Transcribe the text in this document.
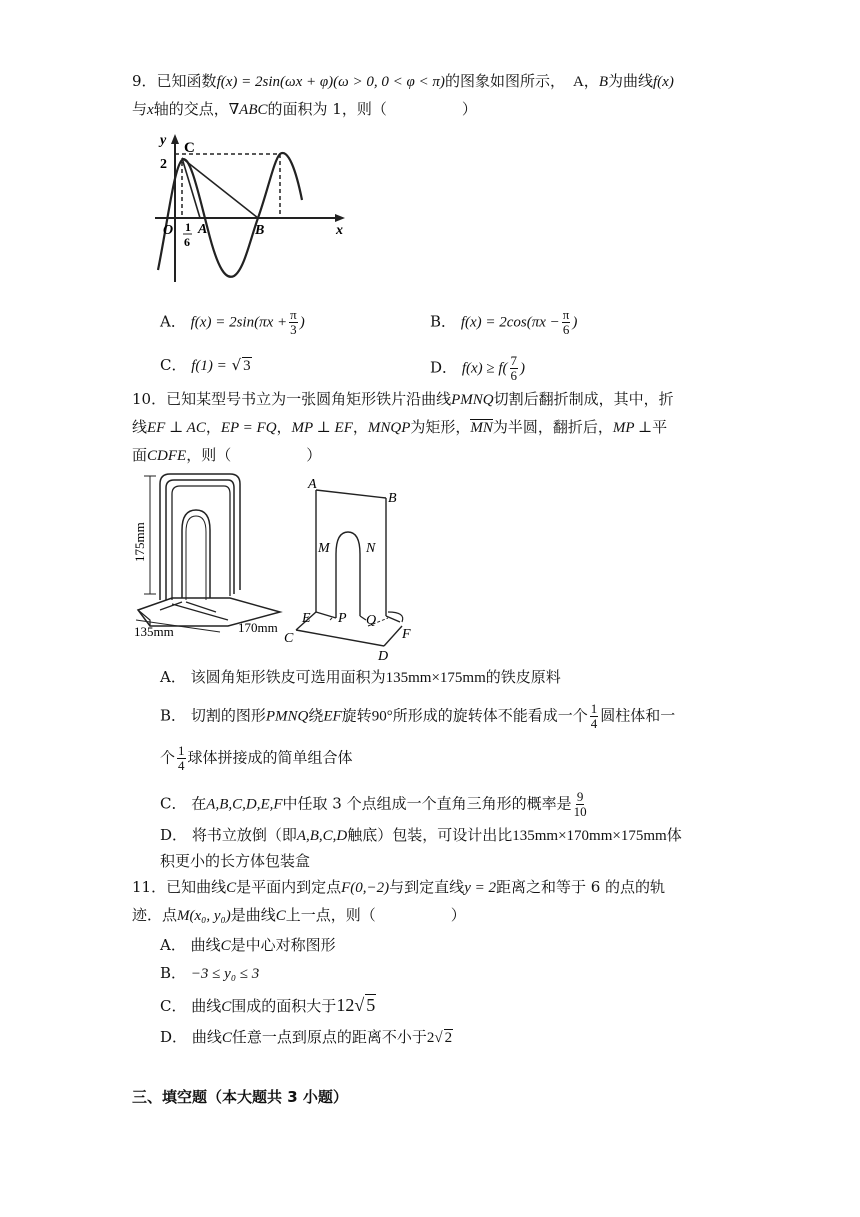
9．已知函数f(x) = 2sin(ωx + φ)(ω > 0, 0 < φ < π)的图象如图所示， A，B为曲线f(x)
与x轴的交点，∇ABC的面积为 1，则（　　　　　）
y
2
C
O 1
6
A	B	x
A． $f(x) = 2\sin(\pi x + \frac{\pi}{3}$ )	B． $f(x) = 2\cos(\pi x - \frac{\pi}{6}$ )
C． f(1) = √ 3	D． $f(x) \ge f( \frac{7}{6}$ )
10．已知某型号书立为一张圆角矩形铁片沿曲线PMNQ切割后翻折制成，其中，折
线EF ⊥ AC，EP = FQ，MP ⊥ EF，MNQP为矩形，MN为半圆，翻折后，MP ⊥平
面CDFE，则（　　　　　）
175mm
135mm	170mm
A
B
M	N
E P Q
C
D
F
A． 该圆角矩形铁皮可选用面积为135mm×175mm的铁皮原料
B． 切割的图形PMNQ绕EF旋转90°所形成的旋转体不能看成一个 $\frac{1}{4}$ 圆柱体和一
个 $\frac{1}{4}$ 球体拼接成的简单组合体
C． 在A,B,C,D,E,F中任取 3 个点组成一个直角三角形的概率是 $\frac{9}{10}$
D． 将书立放倒（即A,B,C,D触底）包装，可设计出比135mm×170mm×175mm体
积更小的长方体包装盒
11．已知曲线C是平面内到定点F(0,−2)与到定直线y = 2距离之和等于 6 的点的轨
迹．点M(x₀, y₀)是曲线C上一点，则（　　　　　）
A． 曲线C是中心对称图形
B． −3 ≤ y₀ ≤ 3
C． 曲线C围成的面积大于12√ 5
D． 曲线C任意一点到原点的距离不小于2√ 2
三、填空题（本大题共 3 小题）
